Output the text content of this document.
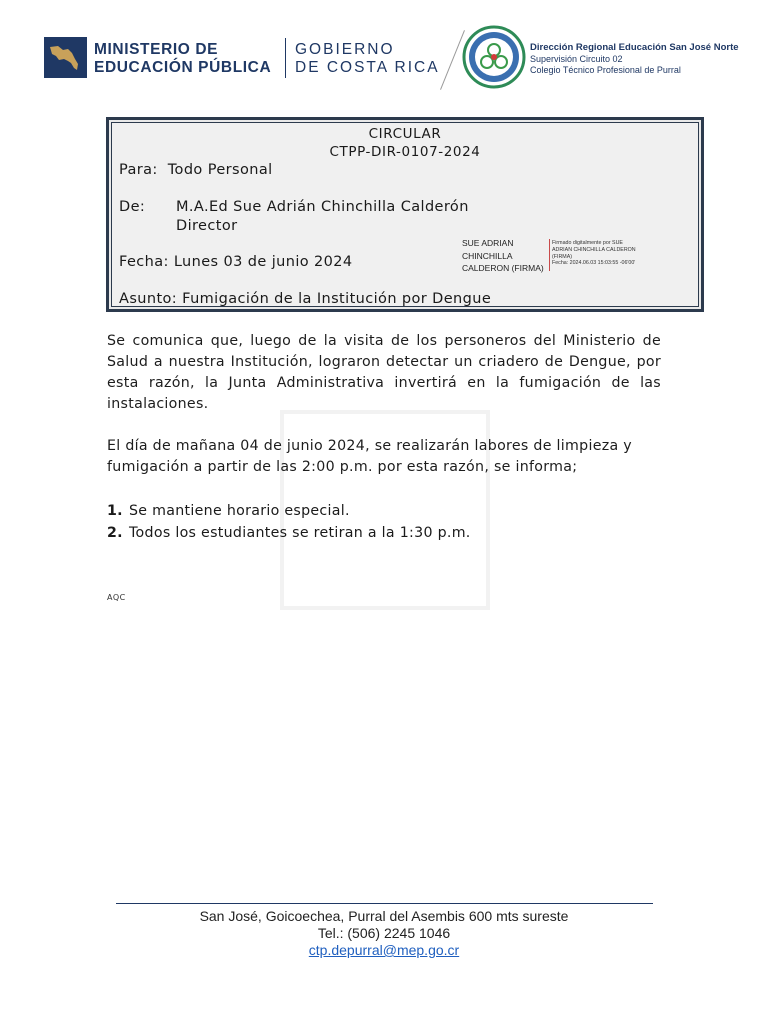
MINISTERIO DE
EDUCACIÓN PÚBLICA
GOBIERNO
DE COSTA RICA
Dirección Regional Educación San José Norte
Supervisión Circuito 02
Colegio Técnico Profesional de Purral
CIRCULAR
CTPP-DIR-0107-2024
Para: Todo Personal
De: M.A.Ed Sue Adrián Chinchilla Calderón
Director
Fecha: Lunes 03 de junio 2024
SUE ADRIAN
CHINCHILLA
CALDERON (FIRMA)
Firmado digitalmente por SUE
ADRIAN CHINCHILLA CALDERON
(FIRMA)
Fecha: 2024.06.03 15:03:55 -06'00'
Asunto: Fumigación de la Institución por Dengue
Se comunica que, luego de la visita de los personeros del Ministerio de Salud a nuestra Institución, lograron detectar un criadero de Dengue, por esta razón, la Junta Administrativa invertirá en la fumigación de las instalaciones.
El día de mañana 04 de junio 2024, se realizarán labores de limpieza y fumigación a partir de las 2:00 p.m. por esta razón, se informa;
1. Se mantiene horario especial.
2. Todos los estudiantes se retiran a la 1:30 p.m.
AQC
San José, Goicoechea, Purral del Asembis 600 mts sureste
Tel.: (506) 2245 1046
ctp.depurral@mep.go.cr
